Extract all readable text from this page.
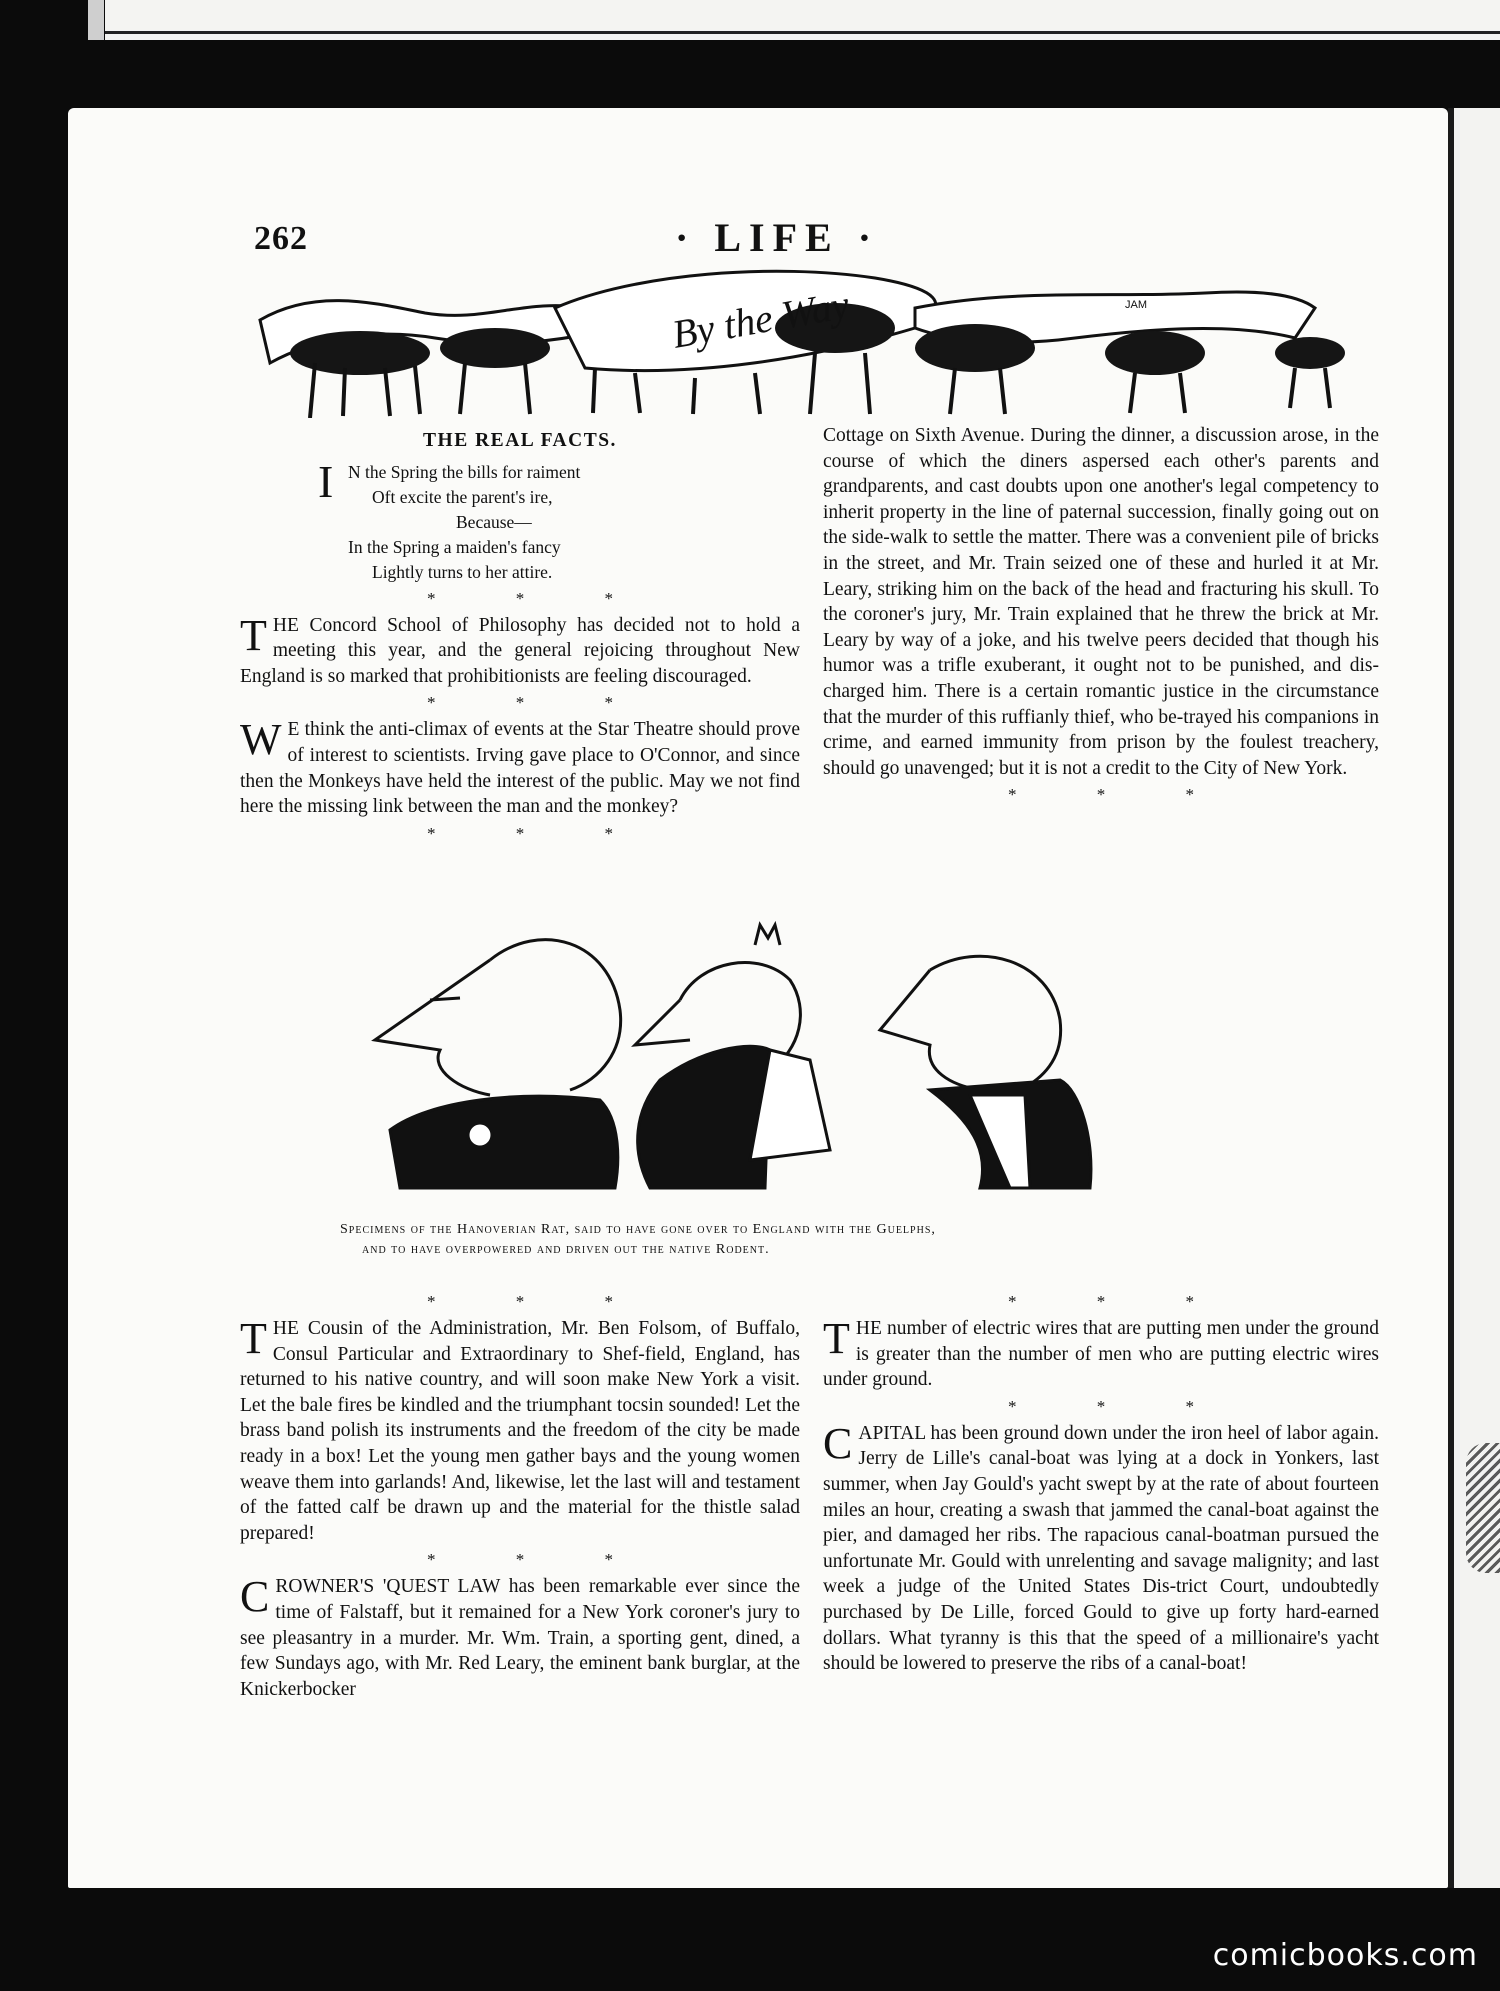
262	· LIFE ·
By the Way	JAM
THE REAL FACTS.
I N the Spring the bills for raiment
Oft excite the parent's ire,
Because—
In the Spring a maiden's fancy
Lightly turns to her attire.
* * *

THE Concord School of Philosophy has decided not to hold a meeting this year, and the general rejoicing throughout New England is so marked that prohibitionists are feeling discouraged.

* * *

W E think the anti-climax of events at the Star Theatre should prove of interest to scientists. Irving gave place to O'Connor, and since then the Monkeys have held the interest of the public. May we not find here the missing link between the man and the monkey?

* * *

Cottage on Sixth Avenue. During the dinner, a discussion arose, in the course of which the diners aspersed each other's parents and grandparents, and cast doubts upon one another's legal competency to inherit property in the line of paternal succession, finally going out on the side-walk to settle the matter. There was a convenient pile of bricks in the street, and Mr. Train seized one of these and hurled it at Mr. Leary, striking him on the back of the head and fracturing his skull. To the coroner's jury, Mr. Train explained that he threw the brick at Mr. Leary by way of a joke, and his twelve peers decided that though his humor was a trifle exuberant, it ought not to be punished, and dis-charged him. There is a certain romantic justice in the circumstance that the murder of this ruffianly thief, who be-trayed his companions in crime, and earned immunity from prison by the foulest treachery, should go unavenged; but it is not a credit to the City of New York.

* * *
Specimens of the Hanoverian Rat, said to have gone over to England with the Guelphs,
and to have overpowered and driven out the native Rodent.
* * *

THE Cousin of the Administration, Mr. Ben Folsom, of Buffalo, Consul Particular and Extraordinary to Shef-field, England, has returned to his native country, and will soon make New York a visit. Let the bale fires be kindled and the triumphant tocsin sounded! Let the brass band polish its instruments and the freedom of the city be made ready in a box! Let the young men gather bays and the young women weave them into garlands! And, likewise, let the last will and testament of the fatted calf be drawn up and the material for the thistle salad prepared!

* * *

CROWNER'S 'QUEST LAW has been remarkable ever since the time of Falstaff, but it remained for a New York coroner's jury to see pleasantry in a murder. Mr. Wm. Train, a sporting gent, dined, a few Sundays ago, with Mr. Red Leary, the eminent bank burglar, at the Knickerbocker

* * *

THE number of electric wires that are putting men under the ground is greater than the number of men who are putting electric wires under ground.

* * *

CAPITAL has been ground down under the iron heel of labor again. Jerry de Lille's canal-boat was lying at a dock in Yonkers, last summer, when Jay Gould's yacht swept by at the rate of about fourteen miles an hour, creating a swash that jammed the canal-boat against the pier, and damaged her ribs. The rapacious canal-boatman pursued the unfortunate Mr. Gould with unrelenting and savage malignity; and last week a judge of the United States Dis-trict Court, undoubtedly purchased by De Lille, forced Gould to give up forty hard-earned dollars. What tyranny is this that the speed of a millionaire's yacht should be lowered to preserve the ribs of a canal-boat!

comicbooks.com
